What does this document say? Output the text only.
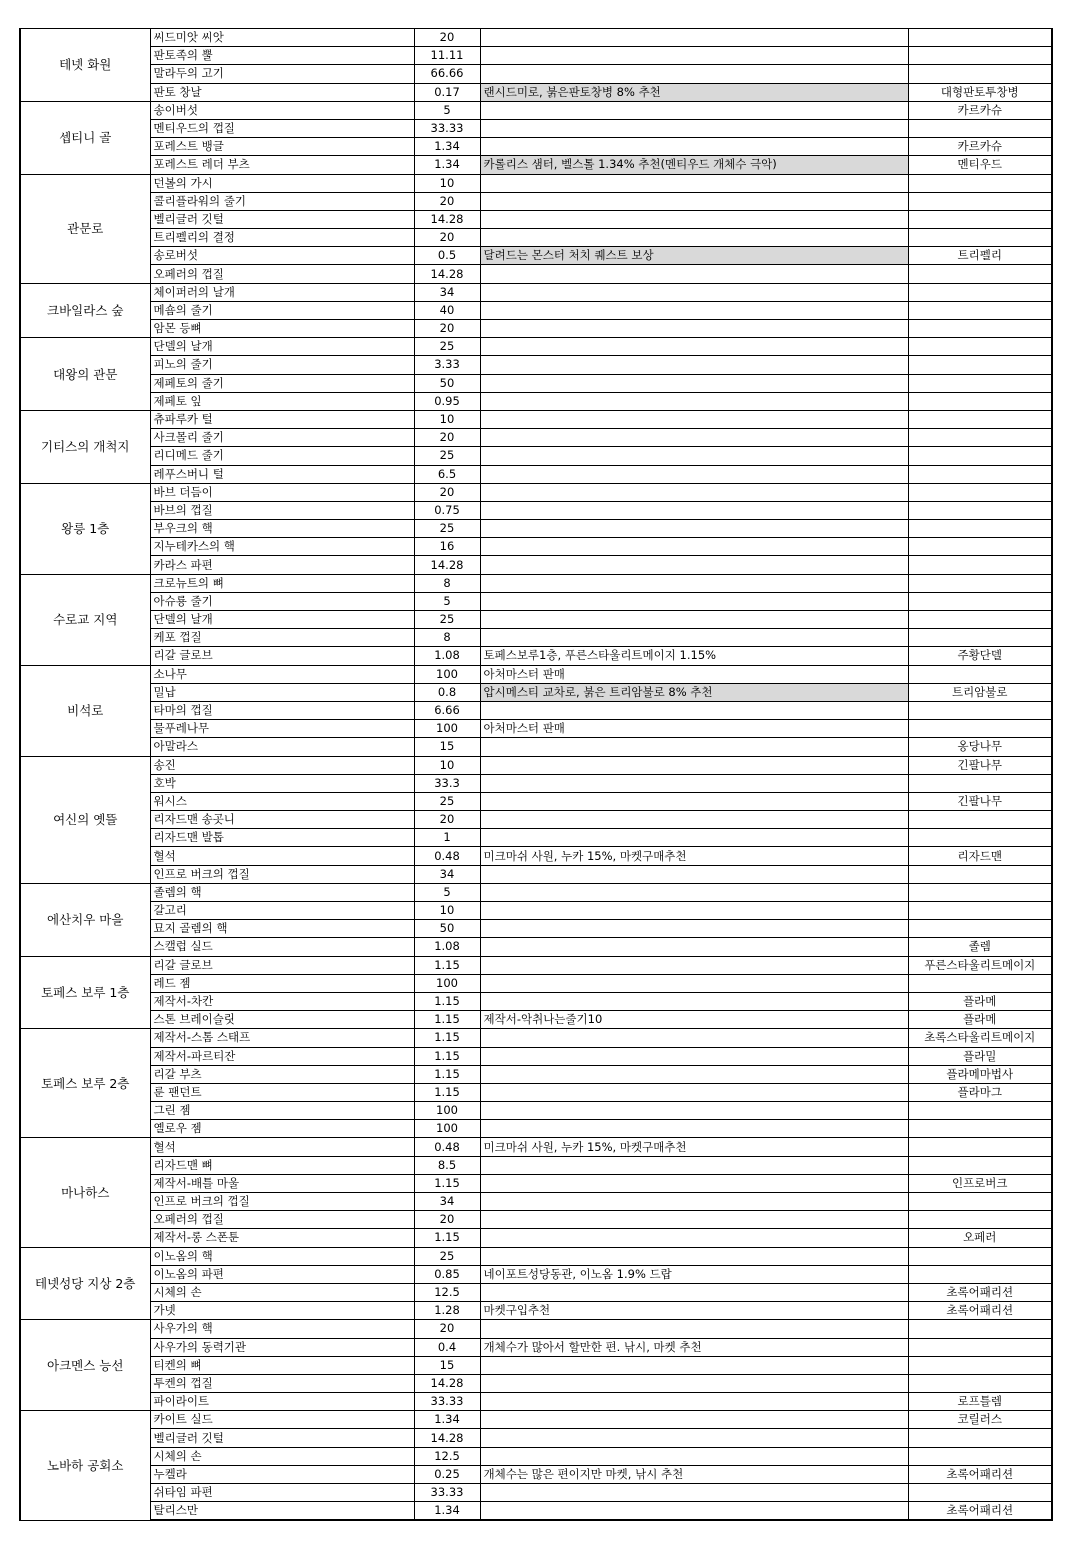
테넷 화원	씨드미앗 씨앗	20		
	판토족의 뿔	11.11		
	말라두의 고기	66.66		
	판토 창날	0.17	랜시드미로, 붉은판토창병 8% 추천	대형판토투창병
셉티니 골	송이버섯	5		카르카슈
	멘티우드의 껍질	33.33		
	포레스트 뱅글	1.34		카르카슈
	포레스트 레더 부츠	1.34	카롤리스 샘터, 벨스톨 1.34% 추천(멘티우드 개체수 극악)	멘티우드
관문로	던볼의 가시	10		
	콜리플라워의 줄기	20		
	벨리글러 깃털	14.28		
	트리펠리의 결정	20		
	송로버섯	0.5	달려드는 몬스터 처치 퀘스트 보상	트리펠리
	오페러의 껍질	14.28		
크바일라스 숲	체이퍼러의 날개	34		
	메숌의 줄기	40		
	암몬 등뼈	20		
대왕의 관문	단델의 날개	25		
	피노의 줄기	3.33		
	제페토의 줄기	50		
	제페토 잎	0.95		
기티스의 개척지	츄파루카 털	10		
	사크몰리 줄기	20		
	리디메드 줄기	25		
	레푸스버니 털	6.5		
왕릉 1층	바브 더듬이	20		
	바브의 껍질	0.75		
	부우크의 핵	25		
	지누테카스의 핵	16		
	카라스 파편	14.28		
수로교 지역	크로뉴트의 뼈	8		
	아슈룡 줄기	5		
	단델의 날개	25		
	케포 껍질	8		
	리갈 글로브	1.08	토페스보루1층, 푸른스타울리트메이지 1.15%	주황단델
비석로	소나무	100	아처마스터 판매	
	밀납	0.8	압시메스티 교차로, 붉은 트리암불로 8% 추천	트리암불로
	타마의 껍질	6.66		
	물푸레나무	100	아처마스터 판매	
	아말라스	15		옹당나무
여신의 옛뜰	송진	10		긴팔나무
	호박	33.3		
	워시스	25		긴팔나무
	리자드맨 송곳니	20		
	리자드맨 발톱	1		
	혈석	0.48	미크마쉬 사원, 누카 15%, 마켓구매추천	리자드맨
	인프로 버크의 껍질	34		
에산치우 마을	졸렘의 핵	5		
	갈고리	10		
	묘지 골렘의 핵	50		
	스캘럽 실드	1.08		졸렘
토페스 보루 1층	리갈 글로브	1.15		푸른스타울리트메이지
	레드 젬	100		
	제작서-차칸	1.15		플라메
	스톤 브레이슬릿	1.15	제작서-악취나는줄기10	플라메
토페스 보루 2층	제작서-스톰 스태프	1.15		초록스타울리트메이지
	제작서-파르티잔	1.15		플라밀
	리갈 부츠	1.15		플라메마법사
	룬 팬던트	1.15		플라마그
	그린 젬	100		
	옐로우 젬	100		
마나하스	혈석	0.48	미크마쉬 사원, 누카 15%, 마켓구매추천	
	리자드맨 뼈	8.5		
	제작서-배틀 마울	1.15		인프로버크
	인프로 버크의 껍질	34		
	오페러의 껍질	20		
	제작서-롱 스폰툰	1.15		오페러
테넷성당 지상 2층	이노옴의 핵	25		
	이노옴의 파편	0.85	네이포트성당동관, 이노옴 1.9% 드랍	
	시체의 손	12.5		초록어패리션
	가넷	1.28	마켓구입추천	초록어패리션
아크멘스 능선	사우가의 핵	20		
	사우가의 동력기관	0.4	개체수가 많아서 할만한 편. 낚시, 마켓 추천	
	티켄의 뼈	15		
	투켄의 껍질	14.28		
	파이라이트	33.33		로프틀렘
노바하 공회소	카이트 실드	1.34		코릴러스
	벨리글러 깃털	14.28		
	시체의 손	12.5		
	누켈라	0.25	개체수는 많은 편이지만 마켓, 낚시 추천	초록어패리션
	쉬타임 파편	33.33		
	탈리스만	1.34		초록어패리션
